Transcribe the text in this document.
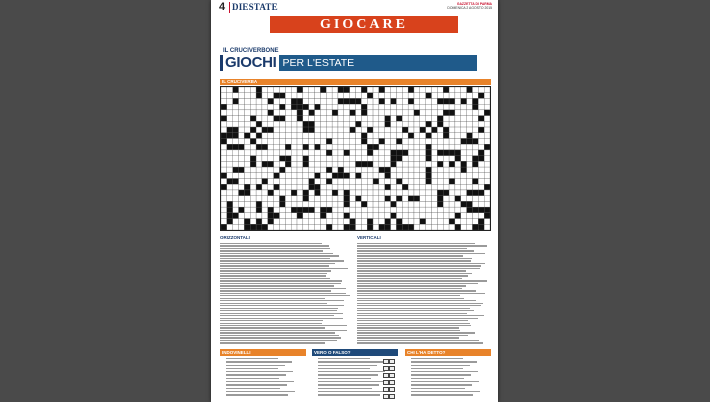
4 DIESTATE	GAZZETTA DI PARMA
DOMENICA 2 AGOSTO 2015
GIOCARE
IL CRUCIVERBONE
GIOCHI PER L'ESTATE
IL CRUCIVERBA
ORIZZONTALI	VERTICALI
INDOVINELLI	VERO O FALSO?	CHI L'HA DETTO?
